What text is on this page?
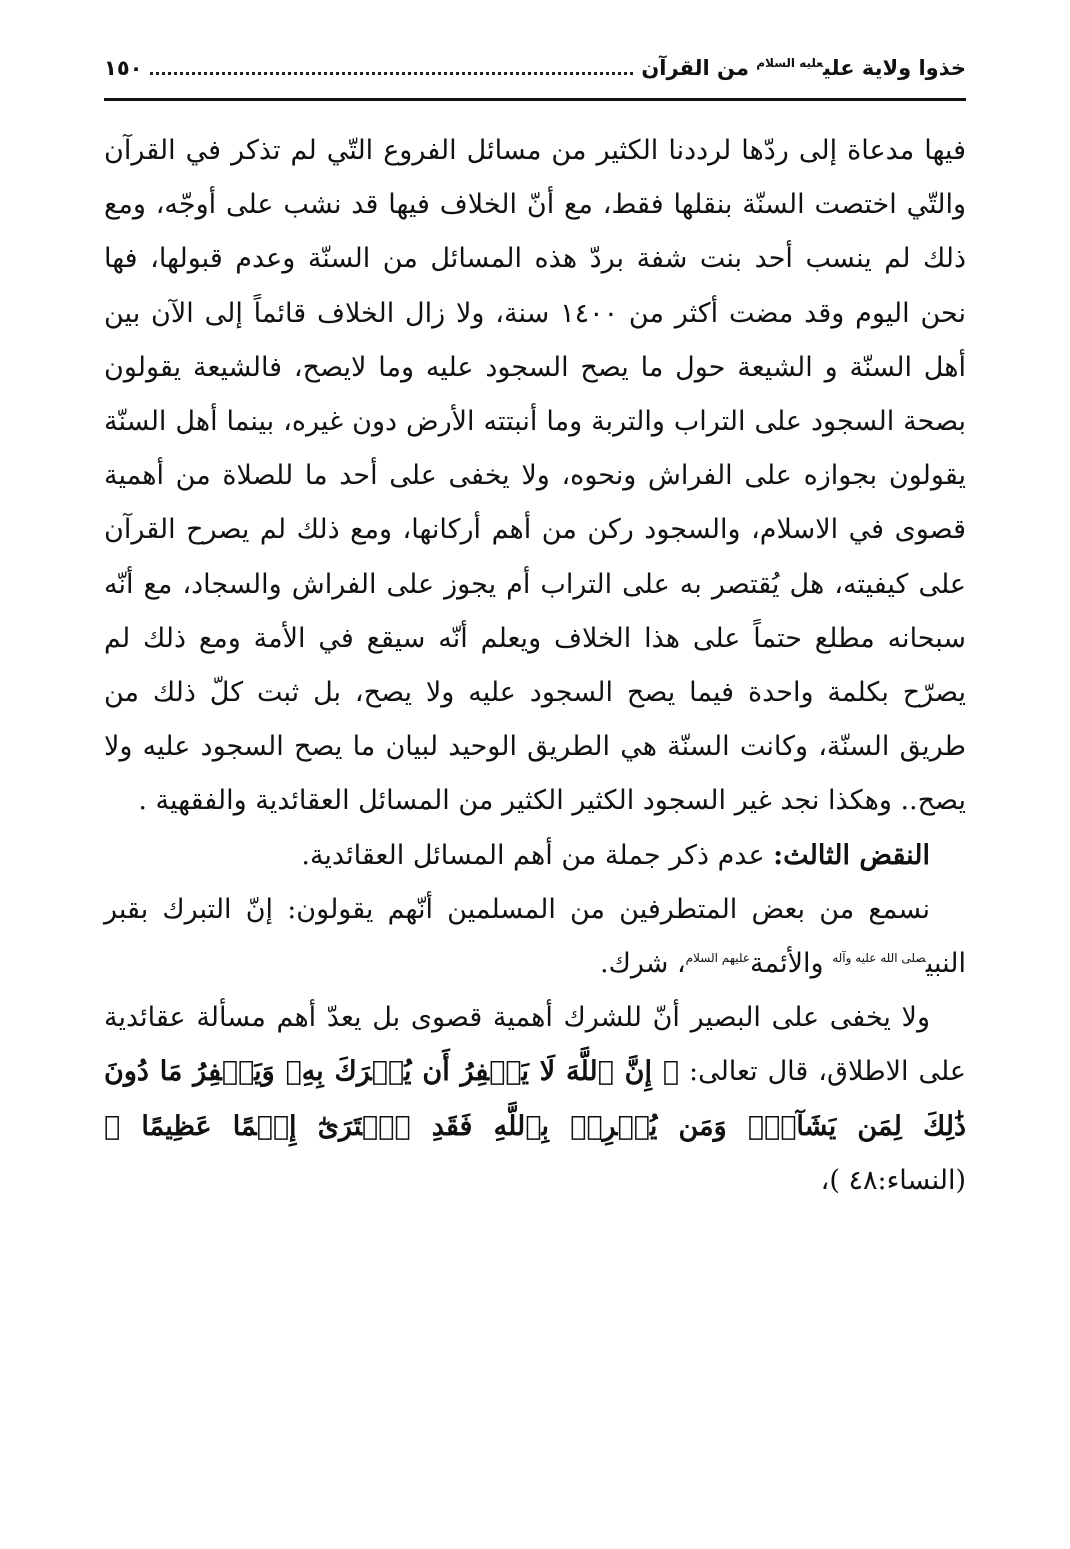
خذوا ولاية علي$^{عليه السلام}$ من القرآن
١٥٠

فيها مدعاة إلى ردّها لرددنا الكثير من مسائل الفروع التّي لم تذكر في القرآن والتّي اختصت السنّة بنقلها فقط، مع أنّ الخلاف فيها قد نشب على أوجّه، ومع ذلك لم ينسب أحد بنت شفة بردّ هذه المسائل من السنّة وعدم قبولها، فها نحن اليوم وقد مضت أكثر من ١٤٠٠ سنة، ولا زال الخلاف قائماً إلى الآن بين أهل السنّة و الشيعة حول ما يصح السجود عليه وما لايصح، فالشيعة يقولون بصحة السجود على التراب والتربة وما أنبتته الأرض دون غيره، بينما أهل السنّة يقولون بجوازه على الفراش ونحوه، ولا يخفى على أحد ما للصلاة من أهمية قصوى في الاسلام، والسجود ركن من أهم أركانها، ومع ذلك لم يصرح القرآن على كيفيته، هل يُقتصر به على التراب أم يجوز على الفراش والسجاد، مع أنّه سبحانه مطلع حتماً على هذا الخلاف ويعلم أنّه سيقع في الأمة ومع ذلك لم يصرّح بكلمة واحدة فيما يصح السجود عليه ولا يصح، بل ثبت كلّ ذلك من طريق السنّة، وكانت السنّة هي الطريق الوحيد لبيان ما يصح السجود عليه ولا يصح.. وهكذا نجد غير السجود الكثير الكثير من المسائل العقائدية والفقهية .

النقض الثالث: عدم ذكر جملة من أهم المسائل العقائدية.

نسمع من بعض المتطرفين من المسلمين أنّهم يقولون: إنّ التبرك بقبر النبي$^{صلى الله عليه وآله}$ والأئمة$^{عليهم السلام}$، شرك.

ولا يخفى على البصير أنّ للشرك أهمية قصوى بل يعدّ أهم مسألة عقائدية على الاطلاق، قال تعالى: ﴿ إِنَّ ٱللَّهَ لَا يَغۡفِرُ أَن يُشۡرَكَ بِهِۦ وَيَغۡفِرُ مَا دُونَ ذَٰلِكَ لِمَن يَشَآءُۚ وَمَن يُشۡرِكۡ بِٱللَّهِ فَقَدِ ٱفۡتَرَىٰٓ إِثۡمًا عَظِيمًا ﴾ (النساء:٤٨ )،
